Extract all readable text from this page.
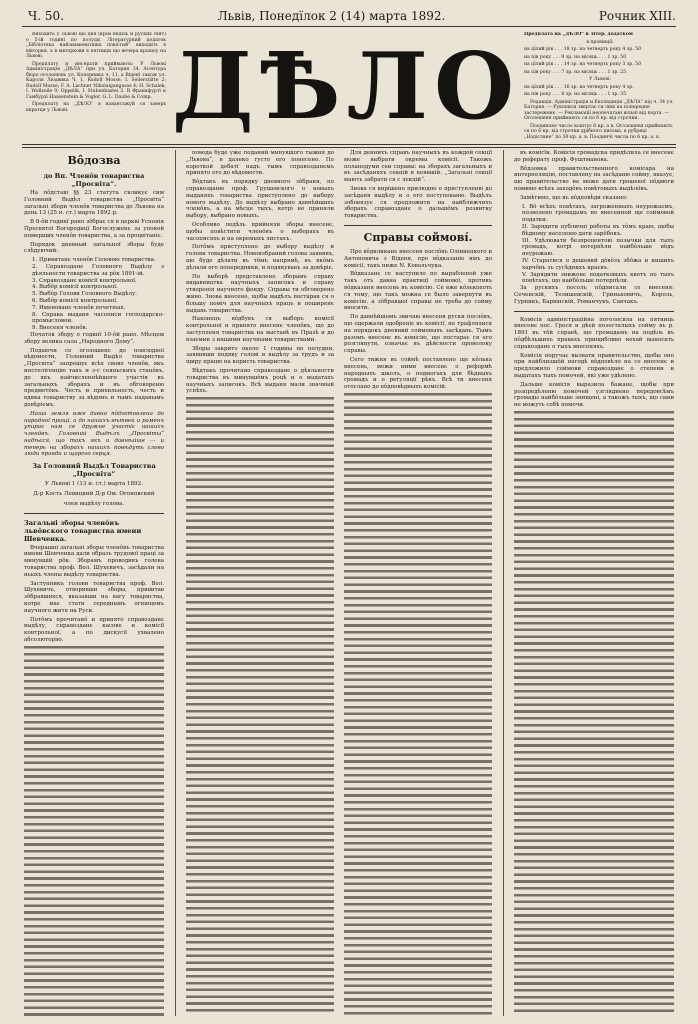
Ч. 50.	Львів, Понедїлок 2 (14) марта 1892.	Рочник XIII.

Виходить у Львові що дня (крім недїль и руских свят) о 5-ій годинї по полуди. Літературний додаток „Бібліотека найзнаменитших повістий“ виходить в вівторки, а в мвторкови в пятници що вечера крашоу на Львові.

Предплату и инсерати приймають: У Львові Адміністрація „ДѢЛА“ при ул. Батория 34. Агентура бюро оголошень ул. Коперника ч. 11, а Віденї також ул. Кароля Людвика Ч. 1, Rudolf Mosse, I. Seilerstätte 2; Rudolf Mosse; F. A. Lachner Nikolaigangasse 4; H. Schalek, I. Wollzeile 9; Oppelik, I. Stubenbastei 2. В Франкфуртї и Гамбурзї Haasenstein & Vogler, G. L. Daube & Comp.

Предплату на „ДѢЛО“ в навантажуй ся заверх вкратци у Львові.	ДѢЛО Предплата на „ДѢЛО“ в літер. додатком

в провінції:

на цїлий рік . . . 18 зр. на четверть року 4 зр. 50

на пів року . . . 9 зр. на місяць . . . 1 зр. 50

на цїлий рік . . . 14 зр. на четверть року 3 зр. 50

на пів року . . . 7 зр. на місяць . . . 1 зр. 25

У Львові:

на цїлий рік . . . 16 зр. на четверть року 4 зр.

на пів року . . . 8 зр. на місяць . . . 1 зр. 35

Редакція, Адміністрація и Експедиція „ДѢЛА“ під ч. 34 ул. Батория. — Рукописи звертає ся лиш на попередне застереженє. — Рекламації неопечатані вільні від порта. — Оголошеня приймають ся по 6 кр. від строчки.

Поодиноке число коштує 6 кр. а в. Оголошеня приймають ся по 6 кр. від строчки дрібного письма, в рубриці „Надіслане“ по 30 кр. а. в. Поодинчі числа по 6 кр. а. в.

Вôдозва
до Вп. Членôв товариства „Просвіта“.

На пôдставі §§ 23 статута скликує сим Головний Выдѣл товариства „Просвіта“ загальні збори членôв товариства до Львова на день 13 (25 н. ст.) марта 1892 р.

В 8-ôй годинї рано зôбрає ся в церкві Успенія Пресвятої Богородицї Богослуженє за упокой померших членôв товариства, а за процвітаніє.

Порядок дневный загальної зборы буде слѣдуючий:

1. Привитанє членôв Головою товариства.

2. Справозданє Головного Выдѣлу з дѣяльности товариства за рôк 1891-ій.

3. Справозданє комісії контрольної.

4. Выбôр комісії контрольної.

5. Выбôр Голови Головного Выдѣлу.

6. Выбôр комісії контрольної.

7. Именованє членôв почетных.

8. Справа выданя часописи господарско-промысловои.

9. Внесеня членôв.

Початок зборy о годинї 10-ôй рано. Мѣсцем зборy велика сала „Народного Дому“.

Подаючи се оголошенє до повсюдної вѣдомости, Головний Выдѣл товариства „Просвіта“ запрошує всѣх своих членôв, якъ инстелігенцію такъ и з-с сеяньскихъ станôвъ, до якъ найчисленнѣйшого участія въ загальныхъ зборахъ и въ обговореню предметôвъ. Честь и прихильность, честь и вдяка товариству за вѣдомъ и тымъ наданымъ довѣріємъ.

Наша земля вже давно пôдготовлена до народної пращі, а до нашихъ вѣтвей и раменъ упирає нам се дружне участіє нашихъ членôвъ. Головний Выдѣлъ „Просвіты“ надѣєся, що такъ якъ и давнѣйше — и теперь на зборахъ нашихъ повѣдуть слово люди правди и щирого серця.

За Головний Выдѣл Товариства „Просвіта“

У Львові 1 (13 н. ст.) марта 1892.

Д-р Кость Левицкий Д-р Ом. Огоновский

член выдѣлу голова.

Загальні зборы членôвъ львôвского товариства имени Шевченка.

Вчерашні загальні зборы членôвъ товариства имени Шевченка дали образъ трудової праці за минувшій рôк. Зборамъ проводивъ голова товариства проф. Вол. Шухевичъ, засѣдали на ньыхъ члены выдѣлу товариства.

Заступникъ голови товариства проф. Вол. Шухевичъ, отворивши зборы, привитав зôбравшихся, вказавши на вагу товариства, котре має стати середнымъ огнищемъ научного житя на Руси.

Потôмъ прочитанό и принято справозданє выдѣлу, справозданє касове и комісії контрольної, а по дискусії ухвалено абсолюторію.

повода буде уже поданий минувшого тыжня до „Львова“, в далеко густо его понесено. По короткой дебатї надъ тымъ справозданємъ принято его до вѣдомости.

Вôдтакъ въ порядку дневного зôбраня, по справозданю проф. Грушевского о новыхъ выданяхъ товариства приступлено до выбору нового выдѣлу. До выдѣлу выбрано давнѣйшихъ членôвъ, а на мѣсце тыхъ, котрі не приняли выбору, выбрано новыхъ.

Особливо подѣль прийняли зборы внесенє, щобы повѣстити членôвъ о выборахъ въ часописяхъ и на окремыхъ листахъ.

Потôмъ приступлено до выбору выдѣлу и голови товариства. Новоизбраний голова заявивъ, що буде дѣлати въ тôмъ напрямѣ, въ якôмъ дѣлали его попередники, и подякувавъ за довѣріє.

По выборѣ представлено зборамъ справу видавництва научныхъ записокъ и справу утворенія научного фонду. Справы ти обговорено живо. Знова внесено, щобы выдѣлъ постарав ся о більшу поміч для научныхъ працъ и поширенє выдань товариства.

Наконецъ вôдбувъ ся выборъ комісії контрольної и принято внесенє членôвъ, що до заступленя товариства на выставѣ въ Празѣ и до взаємин з иншими научными товариствами.

Зборы закрито около 1 годины по полудни, заявивши подяку голові и выдѣлу за трудъ и за щиру працю на користь товариства.

Вѣдтакъ прочитано справозданє о дѣяльности товариства въ минувшôмъ роцѣ и о выдатахъ научныхъ записокъ. Всѣ выданя мали значный успѣхъ.

Для деннихъ справъ научныхъ въ кождой секції може выбрати окремы комісії. Такожъ поланодуми сеи справы: на зборахъ загальныхъ и въ засѣданяхъ секцій в воявшій. „Загальні секції мають забрати ся с лєкцій“.

Знова ся вирішено прилюдно о приступленю до засѣданя выдѣлу и о его поступованю. Выдѣлъ зобовязує ся предложити на найближчихъ зборахъ справозданє о дальшôмъ розвитку товариства.

Справы соймовí.

Про вôдкликанє внесеня послôвъ Оліинецкого и Антоновича з Віденя, про вôдказаніе имъ до комісії, такъ ниже N. Ковальчука.

Вôдказанє се наступило по вырабленой уже такъ отъ давна практицї соймової, противъ вôдказаня внесень въ комісію. Се вже кôлькохоть ся тому, що такъ можна се было завернути въ комісію, а зôбравшої справы не треба до сойму вносити.

По давнѣйшомъ звичаю внесеня руски послôвъ, що одержали одобреніє въ комісії, не трафлялися на порядокъ дневний соймовыхъ засѣдань. Тымъ разомъ внесенє въ комісію, що постарає ся его розглянути, означає въ дѣйсности проволоку справы.

Сего тижня въ соймѣ поставлено ще кôлька внесень, межи ними внесенє о реформѣ народныхъ школъ, о подмогахъ для бѣдныхъ громадъ и о реґуляції рѣкъ. Всѣ ти внесеня отослано до вôдповѣдныхъ комісій.

въ комісїи. Комісія громадска придѣлила се внесенє до реферату проф. Фуштманова.

Вôдзовка правительственного комісара на интерпеляцію, поставлену на засѣданю сойму, вказує, що правительство не може дати грошевої пôдмоги помимо всѣхъ заходôвъ повѣтовыхъ выдѣлôвъ.

Замѣтимо, що въ вôдповѣди сказано:

I. Вô всѣхъ повѣтахъ, загроженныхъ неурожаємъ, позволено громадамъ не внесенной ще соймовой податки.

II. Зарядити публичні роботы въ тôмъ краю, щобы бѣдному населеню дати зарôбокъ.

III. Удѣлювати безпроцентові позычки для тыхъ громадъ, котрі потерпѣли найбôльше вôдъ неурожаю.

IV. Старатися о дешевий дôвôзъ збôжа и иншихъ харчôвъ зъ сусѣднихъ краєвъ.

V. Зарядити зниженє податковыхъ квотъ по тыхъ повѣтахъ, що найбôльше потерпѣли.

За рускихъ посолъ пôдписали се внесеня: Сеченскій, Телишевскій, Гриньковичъ, Король, Гурникъ, Барвінскій, Романчукъ, Савчакъ.

Комісія адміністраційна поголосила на пятниць внесенє пос. Грося и дѣєй позосталыхъ сойму въ р. 1891 въ тôй справѣ, що громадамъ на подѣль въ пôдбѣльшихъ правахъ прищибливо нехай выносить справозданє о тыхъ внесеняхъ.

Комісія поручає вызвати правительство, щобы оно при найблизшôй нагодѣ вôдповѣло на се внесенє и предложило соймови справозданє о степени и выдатахъ тыхъ помочей, які уже удѣлено.

Дальше комісія выразила бажанє, щобы при розпредѣленю помочей узгляднено передовсѣмъ громады найбôльше знищені, а такожъ тыхъ, що сами не можуть собѣ помочи.
